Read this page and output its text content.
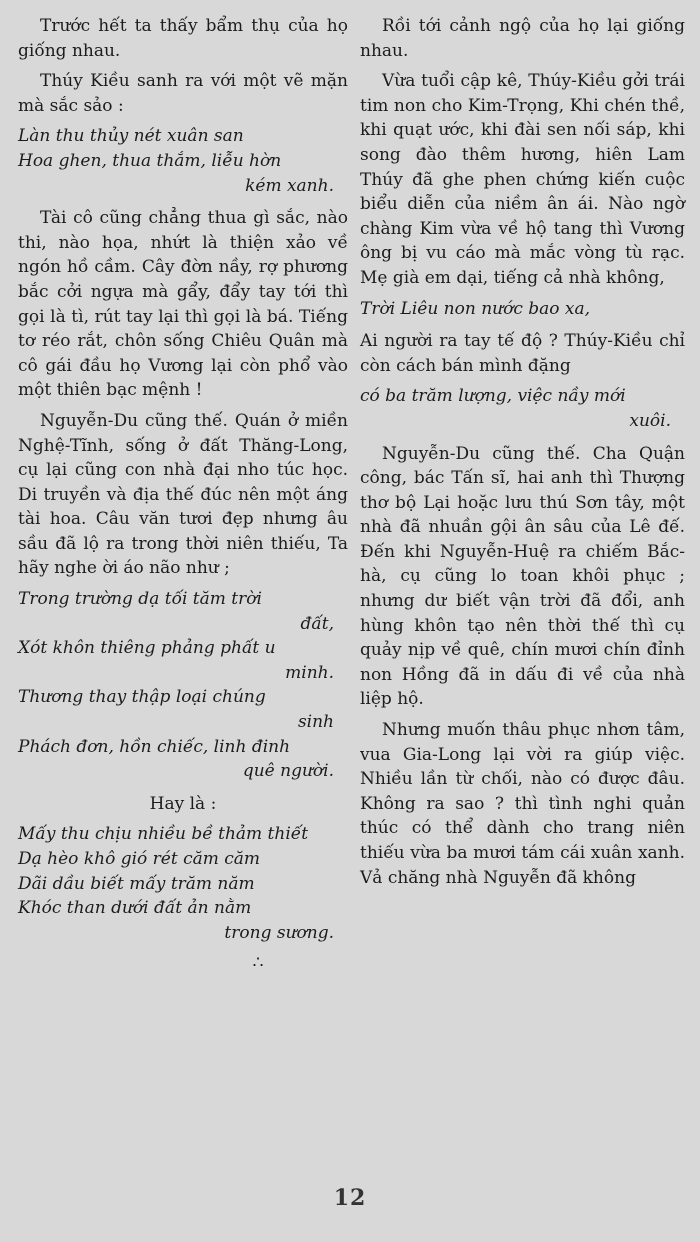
Trước hết ta thấy bẩm thụ của họ giống nhau.

Thúy Kiều sanh ra với một vẽ mặn mà sắc sảo :

Làn thu thủy nét xuân san
Hoa ghen, thua thắm, liễu hờn
kém xanh.

Tài cô cũng chẳng thua gì sắc, nào thi, nào họa, nhứt là thiện xảo về ngón hồ cầm. Cây đờn nầy, rợ phương bắc cởi ngựa mà gẩy, đẩy tay tới thì gọi là tì, rút tay lại thì gọi là bá. Tiếng tơ réo rắt, chôn sống Chiêu Quân mà cô gái đầu họ Vương lại còn phổ vào một thiên bạc mệnh !

Nguyễn-Du cũng thế. Quán ở miền Nghệ-Tĩnh, sống ở đất Thăng-Long, cụ lại cũng con nhà đại nho túc học. Di truyền và địa thế đúc nên một áng tài hoa. Câu văn tươi đẹp nhưng âu sầu đã lộ ra trong thời niên thiếu, Ta hãy nghe ời áo não như ;

Trong trường dạ tối tăm trời
đất,
Xót khôn thiêng phảng phất u
minh.
Thương thay thập loại chúng
sinh
Phách đơn, hồn chiếc, linh đinh
quê người.
Hay là :
Mấy thu chịu nhiều bề thảm thiết
Dạ hèo khô gió rét căm căm
Dãi dầu biết mấy trăm năm
Khóc than dưới đất ản nằm
trong sương.
∴

Rồi tới cảnh ngộ của họ lại giống nhau.

Vừa tuổi cập kê, Thúy-Kiều gởi trái tim non cho Kim-Trọng, Khi chén thề, khi quạt ước, khi đài sen nối sáp, khi song đào thêm hương, hiên Lam Thúy đã ghe phen chứng kiến cuộc biểu diễn của niềm ân ái. Nào ngờ chàng Kim vừa về hộ tang thì Vương ông bị vu cáo mà mắc vòng tù rạc. Mẹ già em dại, tiếng cả nhà không,

Trời Liêu non nước bao xa,

Ai người ra tay tế độ ? Thúy-Kiều chỉ còn cách bán mình đặng

có ba trăm lượng, việc nầy mới
xuôi.

Nguyễn-Du cũng thế. Cha Quận công, bác Tấn sĩ, hai anh thì Thượng thơ bộ Lại hoặc lưu thú Sơn tây, một nhà đã nhuần gội ân sâu của Lê đế. Đến khi Nguyễn-Huệ ra chiếm Bắc-hà, cụ cũng lo toan khôi phục ; nhưng dư biết vận trời đã đổi, anh hùng khôn tạo nên thời thế thì cụ quảy nịp về quê, chín mươi chín đỉnh non Hồng đã in dấu đi về của nhà liệp hộ.

Nhưng muốn thâu phục nhơn tâm, vua Gia-Long lại vời ra giúp việc. Nhiều lần từ chối, nào có được đâu. Không ra sao ? thì tình nghi quản thúc có thể dành cho trang niên thiếu vừa ba mươi tám cái xuân xanh. Vả chăng nhà Nguyễn đã không

12
